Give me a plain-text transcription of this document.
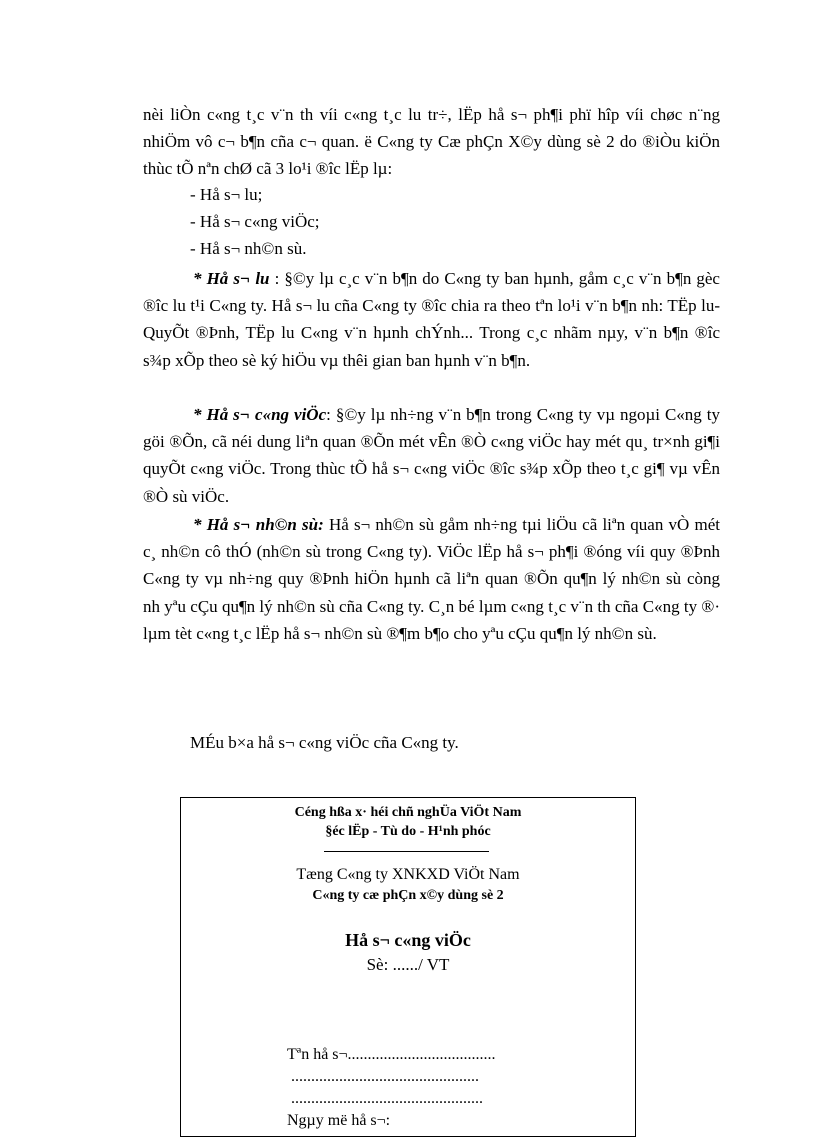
nèi liÒn c«ng t¸c v¨n th víi c«ng t¸c lu tr÷, lËp hå s¬ ph¶i phï hîp víi chøc n¨ng nhiÖm vô c¬ b¶n cña c¬ quan. ë C«ng ty Cæ phÇn X©y dùng sè 2 do ®iÒu kiÖn thùc tÕ nªn chØ cã 3 lo¹i ®îc lËp lµ:

- Hå s¬ lu;

- Hå s¬ c«ng viÖc;

- Hå s¬ nh©n sù.

* Hå s¬ lu : §©y lµ c¸c v¨n b¶n do C«ng ty ban hµnh, gåm c¸c v¨n b¶n gèc ®îc lu t¹i C«ng ty. Hå s¬ lu cña C«ng ty ®îc chia ra theo tªn lo¹i v¨n b¶n nh: TËp lu QuyÕt ®Þnh, TËp lu C«ng v¨n hµnh chÝnh... Trong c¸c nhãm nµy, v¨n b¶n ®îc s¾p xÕp theo sè ký hiÖu vµ thêi gian ban hµnh v¨n b¶n.

* Hå s¬ c«ng viÖc: §©y lµ nh÷ng v¨n b¶n trong C«ng ty vµ ngoµi C«ng ty göi ®Õn, cã néi dung liªn quan ®Õn mét vÊn ®Ò c«ng viÖc hay mét qu¸ tr×nh gi¶i quyÕt c«ng viÖc. Trong thùc tÕ hå s¬ c«ng viÖc ®îc s¾p xÕp theo t¸c gi¶ vµ vÊn ®Ò sù viÖc.

* Hå s¬ nh©n sù: Hå s¬ nh©n sù gåm nh÷ng tµi liÖu cã liªn quan vÒ mét c¸ nh©n cô thÓ (nh©n sù trong C«ng ty). ViÖc lËp hå s¬ ph¶i ®óng víi quy ®Þnh C«ng ty vµ nh÷ng quy ®Þnh hiÖn hµnh cã liªn quan ®Õn qu¶n lý nh©n sù còng nh yªu cÇu qu¶n lý nh©n sù cña C«ng ty. C¸n bé lµm c«ng t¸c v¨n th cña C«ng ty ®· lµm tèt c«ng t¸c lËp hå s¬ nh©n sù ®¶m b¶o cho yªu cÇu qu¶n lý nh©n sù.

MÉu b×a hå s¬ c«ng viÖc cña C«ng ty.

Céng hßa x· héi chñ nghÜa ViÖt Nam

§éc lËp - Tù do - H¹nh phóc

Tæng C«ng ty XNKXD ViÖt Nam

C«ng ty cæ phÇn x©y dùng sè 2

Hå s¬ c«ng viÖc

Sè: ....../ VT

Tªn hå s¬.....................................

...............................................

................................................

Ngµy më hå s¬:
